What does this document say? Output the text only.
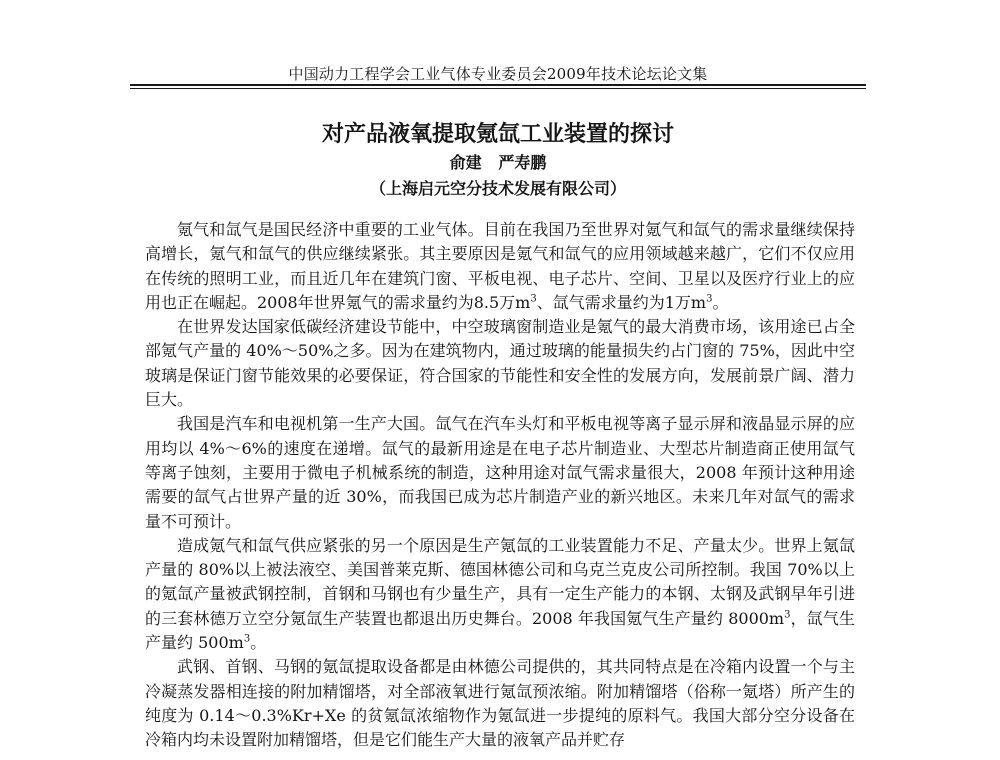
中国动力工程学会工业气体专业委员会2009年技术论坛论文集
对产品液氧提取氪氙工业装置的探讨
俞建   严寿鹏
（上海启元空分技术发展有限公司）

氪气和氙气是国民经济中重要的工业气体。目前在我国乃至世界对氪气和氙气的需求量继续保持高增长，氪气和氙气的供应继续紧张。其主要原因是氪气和氙气的应用领域越来越广，它们不仅应用在传统的照明工业，而且近几年在建筑门窗、平板电视、电子芯片、空间、卫星以及医疗行业上的应用也正在崛起。2008年世界氪气的需求量约为8.5万$m^3$、氙气需求量约为1万$m^3$。

在世界发达国家低碳经济建设节能中，中空玻璃窗制造业是氪气的最大消费市场，该用途已占全部氪气产量的 40%～50%之多。因为在建筑物内，通过玻璃的能量损失约占门窗的 75%，因此中空玻璃是保证门窗节能效果的必要保证，符合国家的节能性和安全性的发展方向，发展前景广阔、潜力巨大。

我国是汽车和电视机第一生产大国。氙气在汽车头灯和平板电视等离子显示屏和液晶显示屏的应用均以 4%～6%的速度在递增。氙气的最新用途是在电子芯片制造业、大型芯片制造商正使用氙气等离子蚀刻，主要用于微电子机械系统的制造，这种用途对氙气需求量很大，2008 年预计这种用途需要的氙气占世界产量的近 30%，而我国已成为芯片制造产业的新兴地区。未来几年对氙气的需求量不可预计。

造成氪气和氙气供应紧张的另一个原因是生产氪氙的工业装置能力不足、产量太少。世界上氪氙产量的 80%以上被法液空、美国普莱克斯、德国林德公司和乌克兰克皮公司所控制。我国 70%以上的氪氙产量被武钢控制，首钢和马钢也有少量生产，具有一定生产能力的本钢、太钢及武钢早年引进的三套林德万立空分氪氙生产装置也都退出历史舞台。2008 年我国氪气生产量约 $8000m^3$，氙气生产量约 $500m^3$。

武钢、首钢、马钢的氪氙提取设备都是由林德公司提供的，其共同特点是在冷箱内设置一个与主冷凝蒸发器相连接的附加精馏塔，对全部液氧进行氪氙预浓缩。附加精馏塔（俗称一氪塔）所产生的纯度为 0.14～0.3%Kr+Xe 的贫氪氙浓缩物作为氪氙进一步提纯的原料气。我国大部分空分设备在冷箱内均未设置附加精馏塔，但是它们能生产大量的液氧产品并贮存
